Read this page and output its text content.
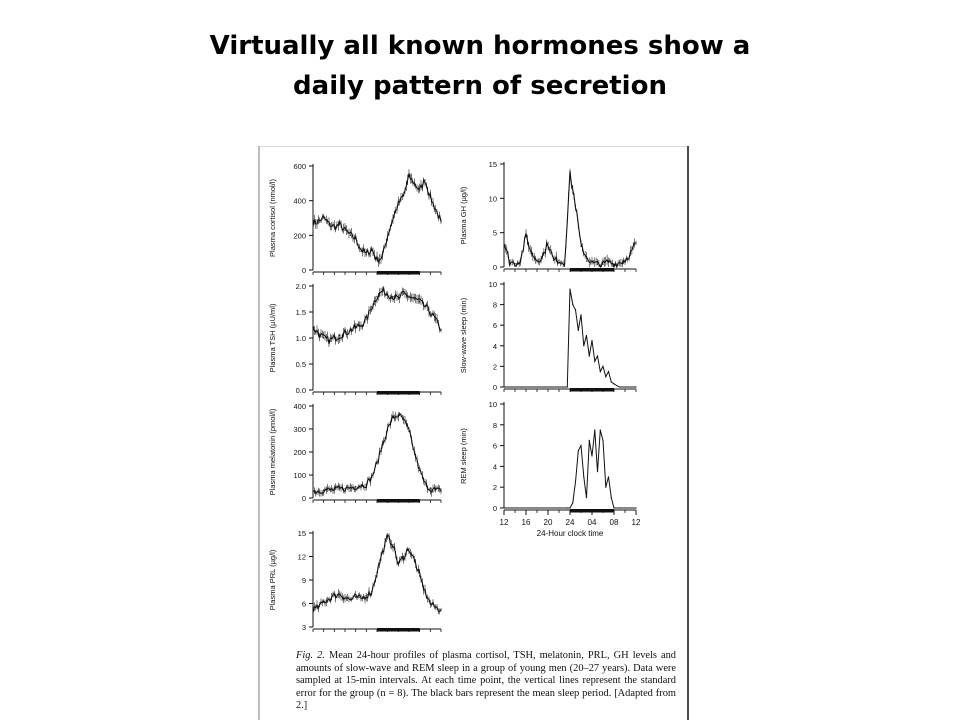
Virtually all known hormones show a
daily pattern of secretion
0
200
400
600
Plasma cortisol (nmol/l)
0.0
0.5
1.0
1.5
2.0
Plasma TSH (µU/ml)
0
100
200
300
400
Plasma melatonin (pmol/l)
3
6
9
12
15
Plasma PRL (µg/l)
0
5
10
15
Plasma GH (µg/l)
0
2
4
6
8
10
Slow-wave sleep (min)
0
2
4
6
8
10
REM sleep (min)
12 16 20 24 04 08 12
24-Hour clock time
Fig. 2. Mean 24-hour profiles of plasma cortisol, TSH, melatonin, PRL, GH levels and amounts of slow-wave and REM sleep in a group of young men (20–27 years). Data were sampled at 15-min intervals. At each time point, the vertical lines represent the standard error for the group (n = 8). The black bars represent the mean sleep period. [Adapted from 2.]
